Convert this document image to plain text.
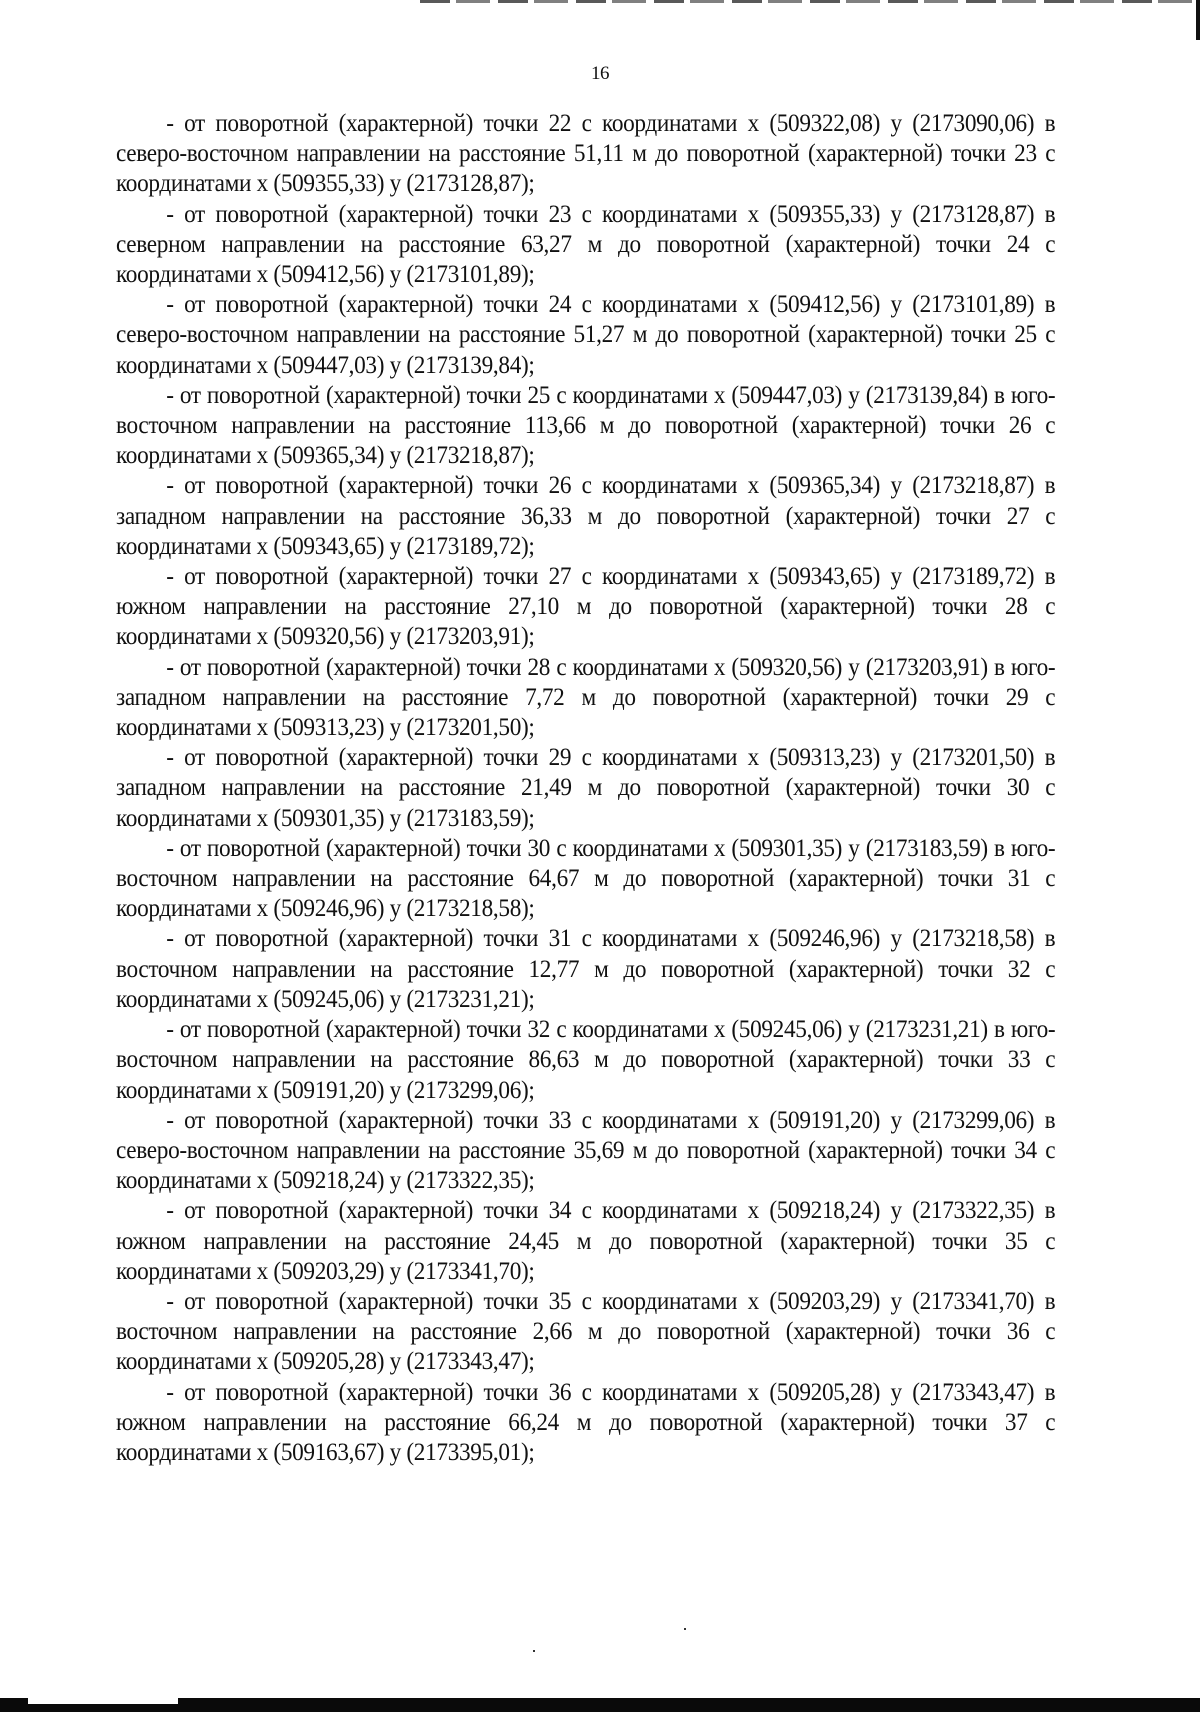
16

- от поворотной (характерной) точки 22 с координатами х (509322,08) у (2173090,06) в северо-восточном направлении на расстояние 51,11 м до поворотной (характерной) точки 23 с координатами х (509355,33) у (2173128,87);

- от поворотной (характерной) точки 23 с координатами х (509355,33) у (2173128,87) в северном направлении на расстояние 63,27 м до поворотной (характерной) точки 24 с координатами х (509412,56) у (2173101,89);

- от поворотной (характерной) точки 24 с координатами х (509412,56) у (2173101,89) в северо-восточном направлении на расстояние 51,27 м до поворотной (характерной) точки 25 с координатами х (509447,03) у (2173139,84);

- от поворотной (характерной) точки 25 с координатами х (509447,03) у (2173139,84) в юго-восточном направлении на расстояние 113,66 м до поворотной (характерной) точки 26 с координатами х (509365,34) у (2173218,87);

- от поворотной (характерной) точки 26 с координатами х (509365,34) у (2173218,87) в западном направлении на расстояние 36,33 м до поворотной (характерной) точки 27 с координатами х (509343,65) у (2173189,72);

- от поворотной (характерной) точки 27 с координатами х (509343,65) у (2173189,72) в южном направлении на расстояние 27,10 м до поворотной (характерной) точки 28 с координатами х (509320,56) у (2173203,91);

- от поворотной (характерной) точки 28 с координатами х (509320,56) у (2173203,91) в юго-западном направлении на расстояние 7,72 м до поворотной (характерной) точки 29 с координатами х (509313,23) у (2173201,50);

- от поворотной (характерной) точки 29 с координатами х (509313,23) у (2173201,50) в западном направлении на расстояние 21,49 м до поворотной (характерной) точки 30 с координатами х (509301,35) у (2173183,59);

- от поворотной (характерной) точки 30 с координатами х (509301,35) у (2173183,59) в юго-восточном направлении на расстояние 64,67 м до поворотной (характерной) точки 31 с координатами х (509246,96) у (2173218,58);

- от поворотной (характерной) точки 31 с координатами х (509246,96) у (2173218,58) в восточном направлении на расстояние 12,77 м до поворотной (характерной) точки 32 с координатами х (509245,06) у (2173231,21);

- от поворотной (характерной) точки 32 с координатами х (509245,06) у (2173231,21) в юго-восточном направлении на расстояние 86,63 м до поворотной (характерной) точки 33 с координатами х (509191,20) у (2173299,06);

- от поворотной (характерной) точки 33 с координатами х (509191,20) у (2173299,06) в северо-восточном направлении на расстояние 35,69 м до поворотной (характерной) точки 34 с координатами х (509218,24) у (2173322,35);

- от поворотной (характерной) точки 34 с координатами х (509218,24) у (2173322,35) в южном направлении на расстояние 24,45 м до поворотной (характерной) точки 35 с координатами х (509203,29) у (2173341,70);

- от поворотной (характерной) точки 35 с координатами х (509203,29) у (2173341,70) в восточном направлении на расстояние 2,66 м до поворотной (характерной) точки 36 с координатами х (509205,28) у (2173343,47);

- от поворотной (характерной) точки 36 с координатами х (509205,28) у (2173343,47) в южном направлении на расстояние 66,24 м до поворотной (характерной) точки 37 с координатами х (509163,67) у (2173395,01);
